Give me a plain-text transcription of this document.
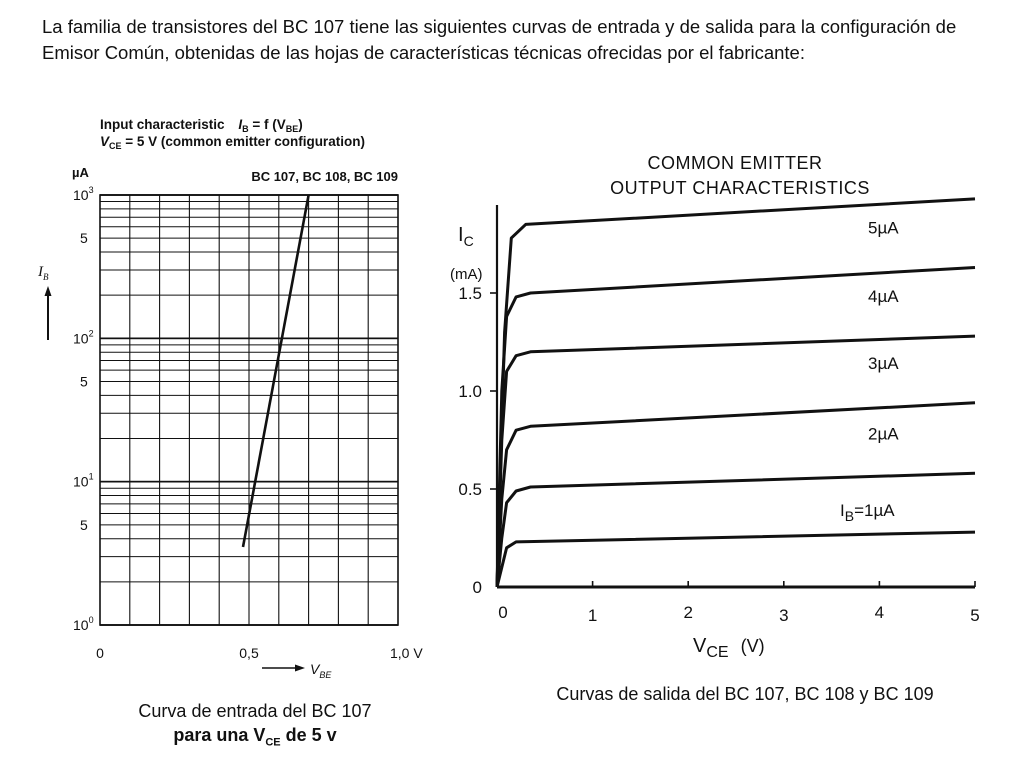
La familia de transistores del BC 107 tiene las siguientes curvas de entrada y de salida para la configuración de Emisor Común, obtenidas de las hojas de características técnicas ofrecidas por el fabricante:

Input characteristic $I_B = f$ $(V_{BE})$
$V_{CE} = 5$ V (common emitter configuration)
BC 107, BC 108, BC 109
µA
$10^3$
5
$10^2$
5
$10^1$
5
$10^0$
0	0,5	1,0 V
$I_B$
$V_{BE}$
COMMON EMITTER
OUTPUT CHARACTERISTICS
$I_C$
(mA)
0
0.5
1.0
1.5
0	1	2	3	4	5
$I_B=1\mu A$
2µA
3µA
4µA
5µA
$V_{CE}$ (V)
Curva de entrada del BC 107
para una $V_{CE}$ de 5 v
Curvas de salida del BC 107, BC 108 y BC 109
